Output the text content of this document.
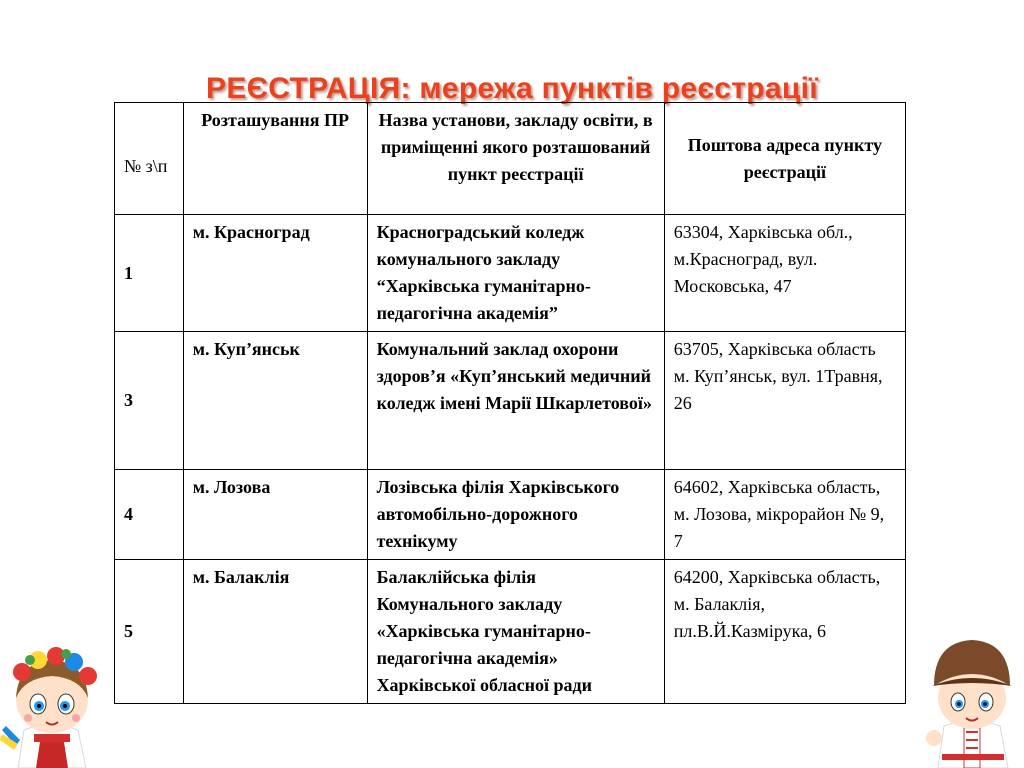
РЕЄСТРАЦІЯ: мережа пунктів реєстрації
№ з\п	Розташування ПР	Назва установи, закладу освіти, в приміщенні якого розташований пункт реєстрації	Поштова адреса пункту реєстрації
1	м. Красноград	Красноградський коледж комунального закладу “Харківська гуманітарно-педагогічна академія”	63304, Харківська обл., м.Красноград, вул. Московська, 47
3	м. Куп’янськ	Комунальний заклад охорони здоров’я «Куп’янський медичний коледж імені Марії Шкарлетової»	63705, Харківська область м. Куп’янськ, вул. 1Травня, 26
4	м. Лозова	Лозівська філія Харківського автомобільно-дорожного технікуму	64602, Харківська область, м. Лозова, мікрорайон № 9, 7
5	м. Балаклія	Балаклійська філія Комунального закладу «Харківська гуманітарно-педагогічна академія» Харківської обласної ради	64200, Харківська область, м. Балаклія, пл.В.Й.Казмірука, 6
